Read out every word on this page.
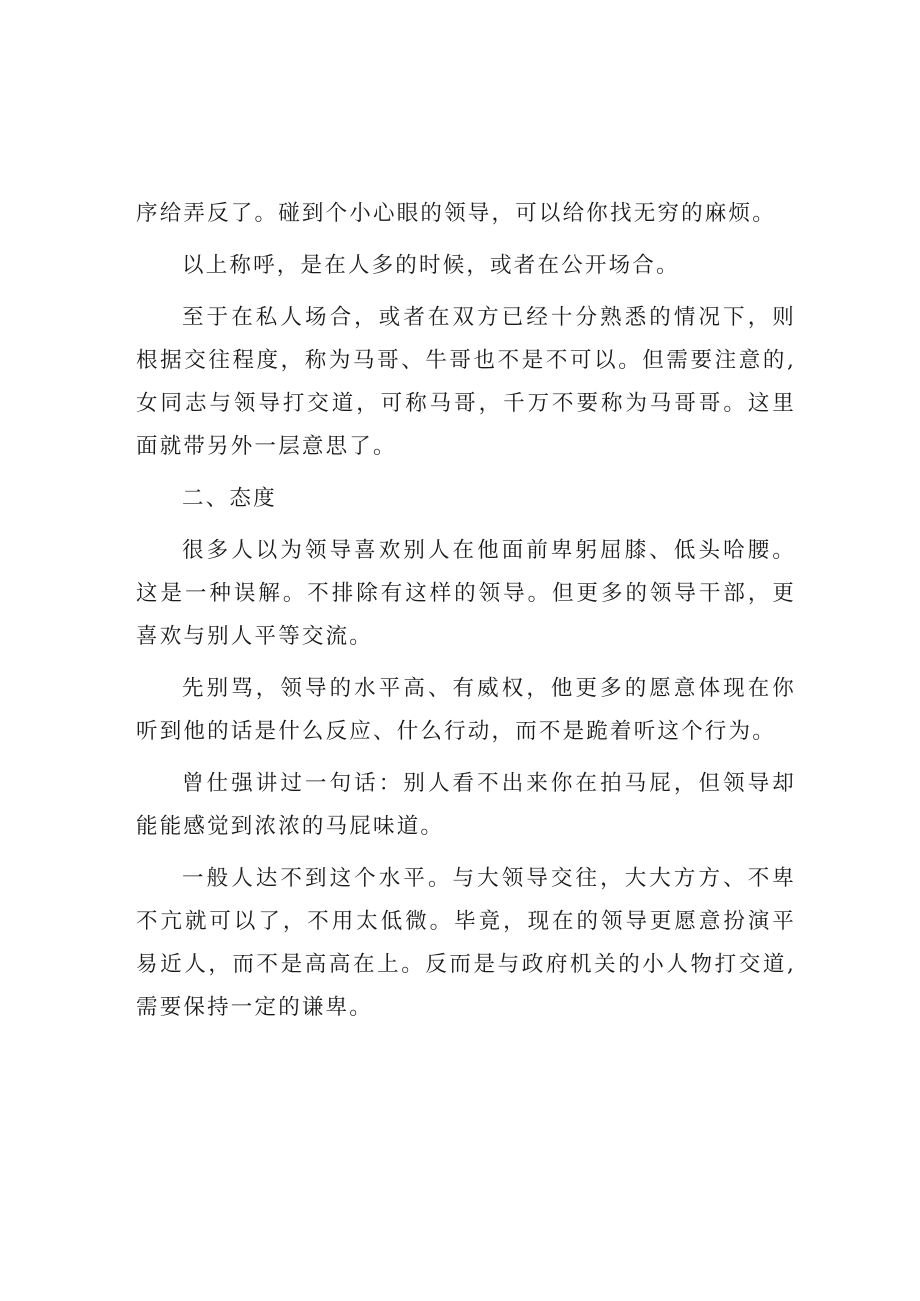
序给弄反了。碰到个小心眼的领导，可以给你找无穷的麻烦。

以上称呼，是在人多的时候，或者在公开场合。

至于在私人场合，或者在双方已经十分熟悉的情况下，则根据交往程度，称为马哥、牛哥也不是不可以。但需要注意的,女同志与领导打交道，可称马哥，千万不要称为马哥哥。这里面就带另外一层意思了。

二、态度

很多人以为领导喜欢别人在他面前卑躬屈膝、低头哈腰。这是一种误解。不排除有这样的领导。但更多的领导干部，更喜欢与别人平等交流。

先别骂，领导的水平高、有威权，他更多的愿意体现在你听到他的话是什么反应、什么行动，而不是跪着听这个行为。

曾仕强讲过一句话：别人看不出来你在拍马屁，但领导却能能感觉到浓浓的马屁味道。

一般人达不到这个水平。与大领导交往，大大方方、不卑不亢就可以了，不用太低微。毕竟，现在的领导更愿意扮演平易近人，而不是高高在上。反而是与政府机关的小人物打交道,需要保持一定的谦卑。
